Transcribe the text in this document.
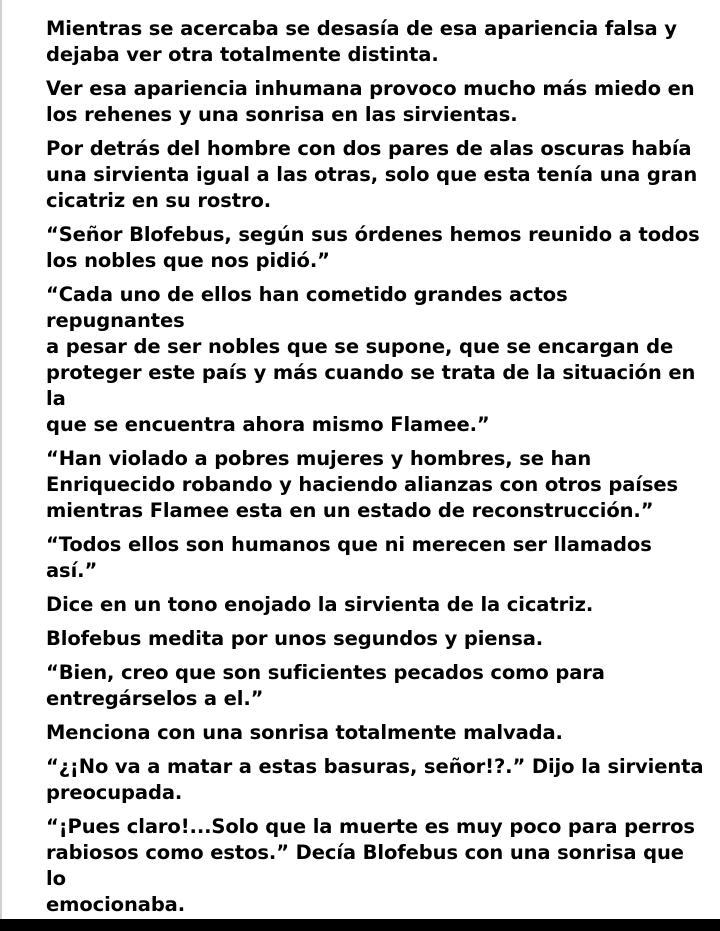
Mientras se acercaba se desasía de esa apariencia falsa y
dejaba ver otra totalmente distinta.

Ver esa apariencia inhumana provoco mucho más miedo en
los rehenes y una sonrisa en las sirvientas.

Por detrás del hombre con dos pares de alas oscuras había
una sirvienta igual a las otras, solo que esta tenía una gran
cicatriz en su rostro.

“Señor Blofebus, según sus órdenes hemos reunido a todos
los nobles que nos pidió.”

“Cada uno de ellos han cometido grandes actos repugnantes
a pesar de ser nobles que se supone, que se encargan de
proteger este país y más cuando se trata de la situación en la
que se encuentra ahora mismo Flamee.”

“Han violado a pobres mujeres y hombres, se han
Enriquecido robando y haciendo alianzas con otros países
mientras Flamee esta en un estado de reconstrucción.”

“Todos ellos son humanos que ni merecen ser llamados así.”

Dice en un tono enojado la sirvienta de la cicatriz.

Blofebus medita por unos segundos y piensa.

“Bien, creo que son suficientes pecados como para
entregárselos a el.”

Menciona con una sonrisa totalmente malvada.

“¿¡No va a matar a estas basuras, señor!?.” Dijo la sirvienta
preocupada.

“¡Pues claro!...Solo que la muerte es muy poco para perros
rabiosos como estos.” Decía Blofebus con una sonrisa que lo
emocionaba.
